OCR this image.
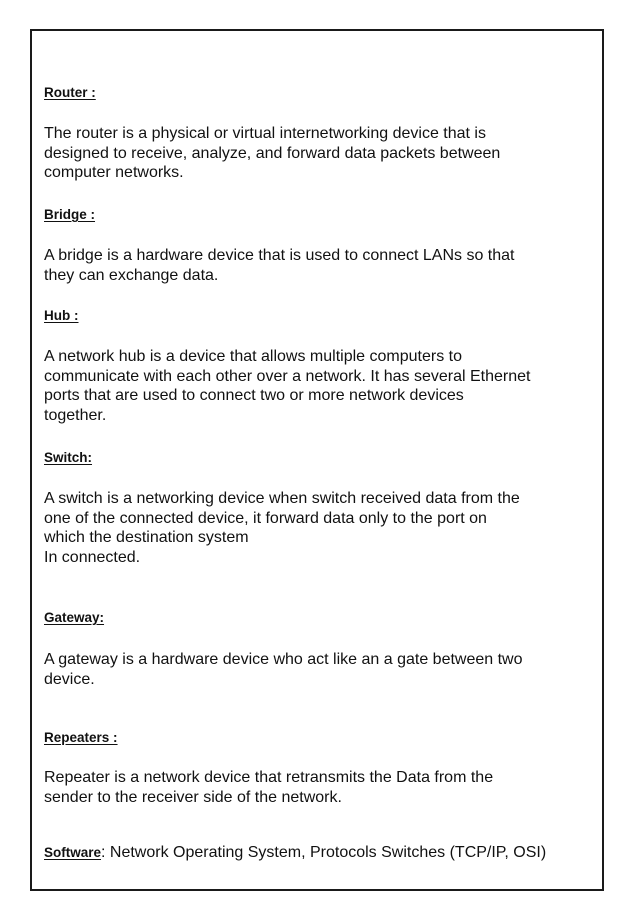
Router :
The router is a physical or virtual internetworking device that is
designed to receive, analyze, and forward data packets between
computer networks.
Bridge :
A bridge is a hardware device that is used to connect LANs so that
they can exchange data.
Hub :
A network hub is a device that allows multiple computers to
communicate with each other over a network. It has several Ethernet
ports that are used to connect two or more network devices
together.
Switch:
A switch is a networking device when switch received data from the
one of the connected device, it forward data only to the port on
which the destination system
In connected.
Gateway:
A gateway is a hardware device who act like an a gate between two
device.
Repeaters :
Repeater is a network device that retransmits the Data from the
sender to the receiver side of the network.
Software: Network Operating System, Protocols Switches (TCP/IP, OSI)
